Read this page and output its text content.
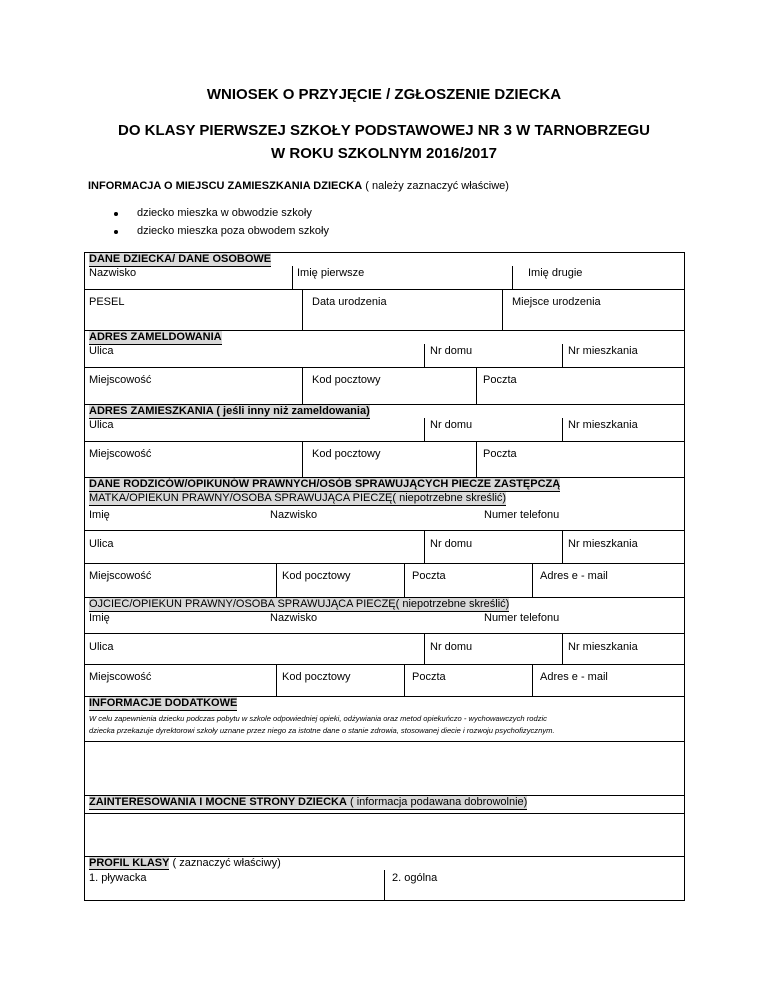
WNIOSEK O PRZYJĘCIE / ZGŁOSZENIE DZIECKA
DO KLASY PIERWSZEJ SZKOŁY PODSTAWOWEJ NR 3 W TARNOBRZEGU
W ROKU SZKOLNYM 2016/2017
INFORMACJA O MIEJSCU ZAMIESZKANIA DZIECKA ( należy zaznaczyć właściwe)
dziecko mieszka w obwodzie szkoły
dziecko mieszka poza obwodem szkoły
DANE DZIECKA/ DANE OSOBOWE
Nazwisko	Imię pierwsze	Imię drugie
PESEL	Data urodzenia	Miejsce urodzenia
ADRES ZAMELDOWANIA
Ulica	Nr domu	Nr mieszkania
Miejscowość	Kod pocztowy	Poczta
ADRES ZAMIESZKANIA ( jeśli inny niż zameldowania)
Ulica	Nr domu	Nr mieszkania
Miejscowość	Kod pocztowy	Poczta
DANE RODZICÓW/OPIKUNÓW PRAWNYCH/OSÓB SPRAWUJĄCYCH PIECZE ZASTĘPCZĄ
MATKA/OPIEKUN PRAWNY/OSOBA SPRAWUJĄCA PIECZĘ( niepotrzebne skreślić)
Imię	Nazwisko	Numer telefonu
Ulica	Nr domu	Nr mieszkania
Miejscowość	Kod pocztowy	Poczta	Adres e - mail
OJCIEC/OPIEKUN PRAWNY/OSOBA SPRAWUJĄCA PIECZĘ( niepotrzebne skreślić)
Imię	Nazwisko	Numer telefonu
Ulica	Nr domu	Nr mieszkania
Miejscowość	Kod pocztowy	Poczta	Adres e - mail
INFORMACJE DODATKOWE
W celu zapewnienia dziecku podczas pobytu w szkole odpowiedniej opieki, odżywiania oraz metod opiekuńczo - wychowawczych rodzic
dziecka przekazuje dyrektorowi szkoły uznane przez niego za istotne dane o stanie zdrowia, stosowanej diecie i rozwoju psychofizycznym.
ZAINTERESOWANIA I MOCNE STRONY DZIECKA ( informacja podawana dobrowolnie)
PROFIL KLASY ( zaznaczyć właściwy)
1. pływacka	2. ogólna
